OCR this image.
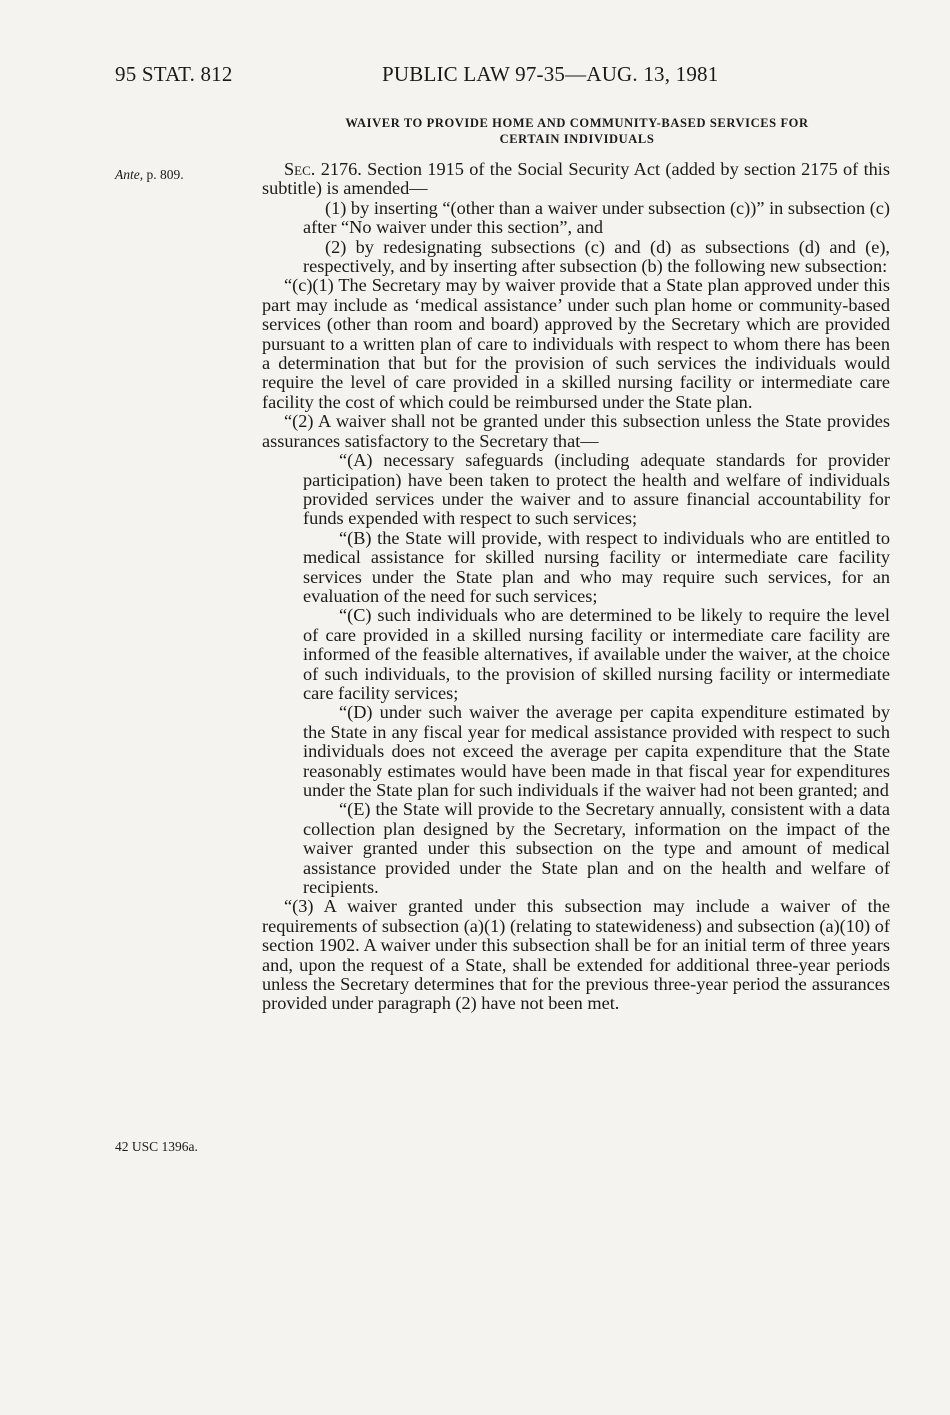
95 STAT. 812	PUBLIC LAW 97-35—AUG. 13, 1981
WAIVER TO PROVIDE HOME AND COMMUNITY-BASED SERVICES FOR
CERTAIN INDIVIDUALS
Ante, p. 809.
42 USC 1396a.

Sec. 2176. Section 1915 of the Social Security Act (added by section 2175 of this subtitle) is amended—

(1) by inserting “(other than a waiver under subsection (c))” in subsection (c) after “No waiver under this section”, and

(2) by redesignating subsections (c) and (d) as subsections (d) and (e), respectively, and by inserting after subsection (b) the following new subsection:

“(c)(1) The Secretary may by waiver provide that a State plan approved under this part may include as ‘medical assistance’ under such plan home or community-based services (other than room and board) approved by the Secretary which are provided pursuant to a written plan of care to individuals with respect to whom there has been a determination that but for the provision of such services the individuals would require the level of care provided in a skilled nursing facility or intermediate care facility the cost of which could be reimbursed under the State plan.

“(2) A waiver shall not be granted under this subsection unless the State provides assurances satisfactory to the Secretary that—

“(A) necessary safeguards (including adequate standards for provider participation) have been taken to protect the health and welfare of individuals provided services under the waiver and to assure financial accountability for funds expended with respect to such services;

“(B) the State will provide, with respect to individuals who are entitled to medical assistance for skilled nursing facility or intermediate care facility services under the State plan and who may require such services, for an evaluation of the need for such services;

“(C) such individuals who are determined to be likely to require the level of care provided in a skilled nursing facility or intermediate care facility are informed of the feasible alternatives, if available under the waiver, at the choice of such individuals, to the provision of skilled nursing facility or intermediate care facility services;

“(D) under such waiver the average per capita expenditure estimated by the State in any fiscal year for medical assistance provided with respect to such individuals does not exceed the average per capita expenditure that the State reasonably estimates would have been made in that fiscal year for expenditures under the State plan for such individuals if the waiver had not been granted; and

“(E) the State will provide to the Secretary annually, consistent with a data collection plan designed by the Secretary, information on the impact of the waiver granted under this subsection on the type and amount of medical assistance provided under the State plan and on the health and welfare of recipients.

“(3) A waiver granted under this subsection may include a waiver of the requirements of subsection (a)(1) (relating to statewideness) and subsection (a)(10) of section 1902. A waiver under this subsection shall be for an initial term of three years and, upon the request of a State, shall be extended for additional three-year periods unless the Secretary determines that for the previous three-year period the assurances provided under paragraph (2) have not been met.
